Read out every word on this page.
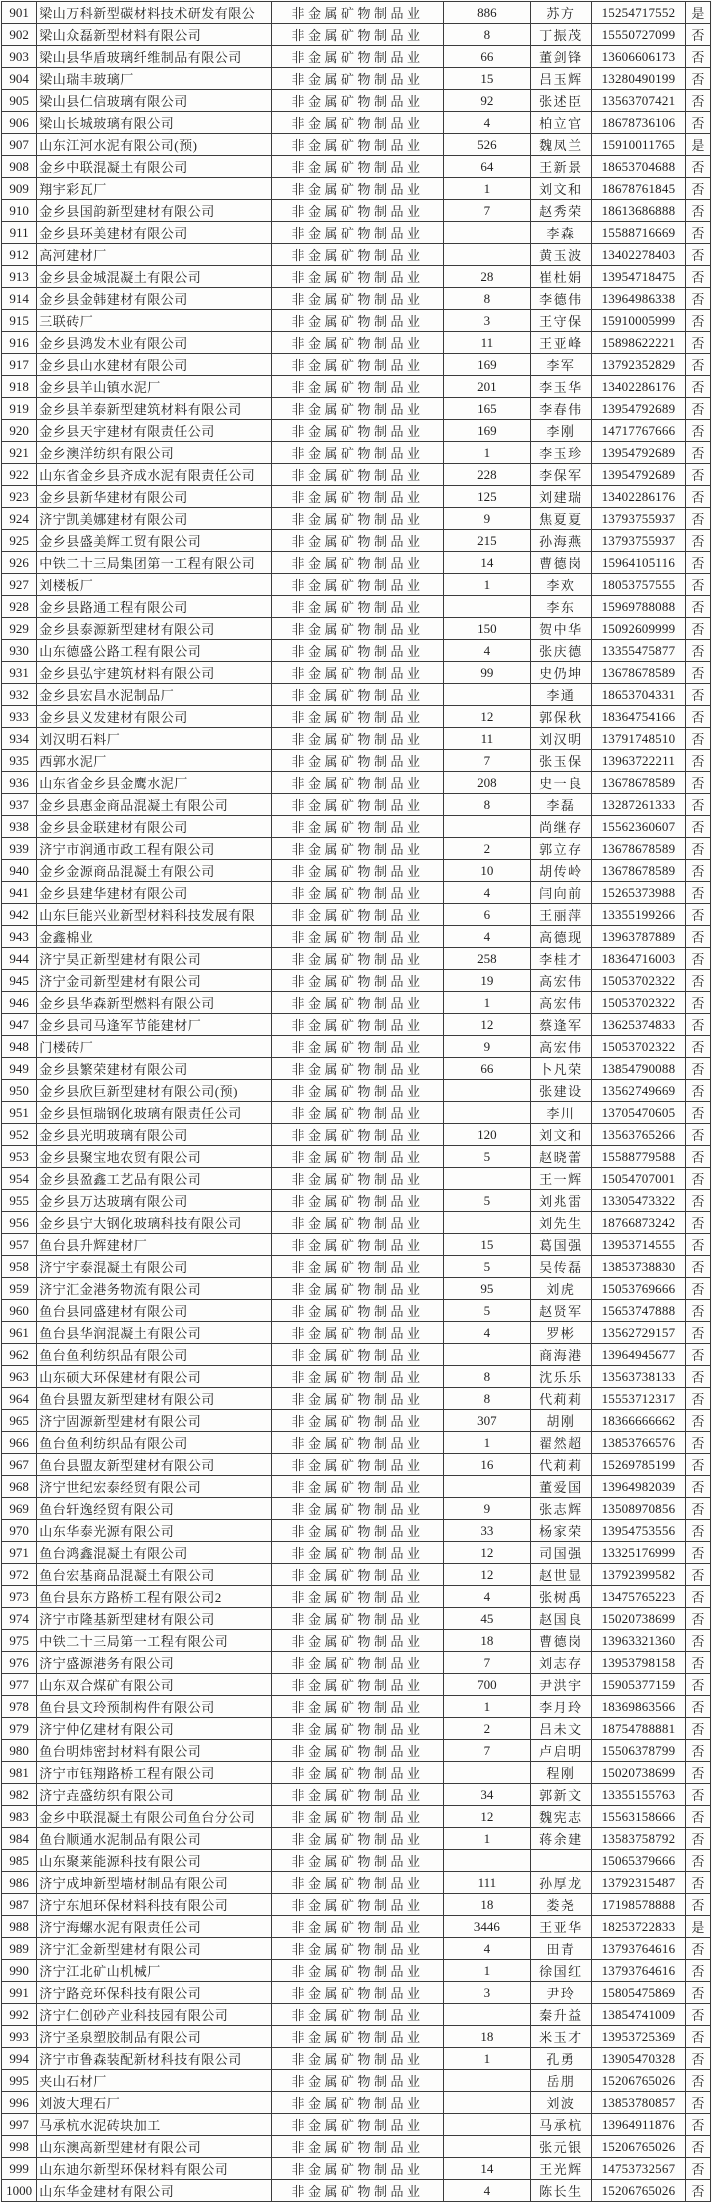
901	梁山万科新型碳材料技术研发有限公	非金属矿物制品业	886	苏方	15254717552	是
902	梁山众磊新型材料有限公司	非金属矿物制品业	8	丁振茂	15550727099	否
903	梁山县华盾玻璃纤维制品有限公司	非金属矿物制品业	66	董剑锋	13606606173	否
904	梁山瑞丰玻璃厂	非金属矿物制品业	15	吕玉辉	13280490199	否
905	梁山县仁信玻璃有限公司	非金属矿物制品业	92	张述臣	13563707421	否
906	梁山长城玻璃有限公司	非金属矿物制品业	4	柏立官	18678736106	否
907	山东江河水泥有限公司(预)	非金属矿物制品业	526	魏凤兰	15910011765	是
908	金乡中联混凝土有限公司	非金属矿物制品业	64	王新景	18653704688	否
909	翔宇彩瓦厂	非金属矿物制品业	1	刘文和	18678761845	否
910	金乡县国韵新型建材有限公司	非金属矿物制品业	7	赵秀荣	18613686888	否
911	金乡县环美建材有限公司	非金属矿物制品业		李森	15588716669	否
912	高河建材厂	非金属矿物制品业		黄玉波	13402278403	否
913	金乡县金城混凝土有限公司	非金属矿物制品业	28	崔杜娟	13954718475	否
914	金乡县金韩建材有限公司	非金属矿物制品业	8	李德伟	13964986338	否
915	三联砖厂	非金属矿物制品业	3	王守保	15910005999	否
916	金乡县鸿发木业有限公司	非金属矿物制品业	11	王亚峰	15898622221	否
917	金乡县山水建材有限公司	非金属矿物制品业	169	李军	13792352829	否
918	金乡县羊山镇水泥厂	非金属矿物制品业	201	李玉华	13402286176	否
919	金乡县羊泰新型建筑材料有限公司	非金属矿物制品业	165	李春伟	13954792689	否
920	金乡县天宇建材有限责任公司	非金属矿物制品业	169	李刚	14717767666	否
921	金乡澳洋纺织有限公司	非金属矿物制品业	1	李玉珍	13954792689	否
922	山东省金乡县齐成水泥有限责任公司	非金属矿物制品业	228	李保军	13954792689	否
923	金乡县新华建材有限公司	非金属矿物制品业	125	刘建瑞	13402286176	否
924	济宁凯美娜建材有限公司	非金属矿物制品业	9	焦夏夏	13793755937	否
925	金乡县盛美辉工贸有限公司	非金属矿物制品业	215	孙海燕	13793755937	否
926	中铁二十三局集团第一工程有限公司	非金属矿物制品业	14	曹德岗	15964105116	否
927	刘楼板厂	非金属矿物制品业	1	李欢	18053757555	否
928	金乡县路通工程有限公司	非金属矿物制品业		李东	15969788088	否
929	金乡县泰源新型建材有限公司	非金属矿物制品业	150	贺中华	15092609999	否
930	山东德盛公路工程有限公司	非金属矿物制品业	4	张庆德	13355475877	否
931	金乡县弘宇建筑材料有限公司	非金属矿物制品业	99	史仍坤	13678678589	否
932	金乡县宏昌水泥制品厂	非金属矿物制品业		李通	18653704331	否
933	金乡县义发建材有限公司	非金属矿物制品业	12	郭保秋	18364754166	否
934	刘汉明石料厂	非金属矿物制品业	11	刘汉明	13791748510	否
935	西郭水泥厂	非金属矿物制品业	7	张玉保	13963722211	否
936	山东省金乡县金鹰水泥厂	非金属矿物制品业	208	史一良	13678678589	否
937	金乡县惠金商品混凝土有限公司	非金属矿物制品业	8	李磊	13287261333	否
938	金乡县金联建材有限公司	非金属矿物制品业		尚继存	15562360607	否
939	济宁市润通市政工程有限公司	非金属矿物制品业	2	郭立存	13678678589	否
940	金乡金源商品混凝土有限公司	非金属矿物制品业	10	胡传岭	13678678589	否
941	金乡县建华建材有限公司	非金属矿物制品业	4	闫向前	15265373988	否
942	山东巨能兴业新型材料科技发展有限	非金属矿物制品业	6	王丽萍	13355199266	否
943	金鑫棉业	非金属矿物制品业	4	高德现	13963787889	否
944	济宁昊正新型建材有限公司	非金属矿物制品业	258	李桂才	18364716003	否
945	济宁金司新型建材有限公司	非金属矿物制品业	19	高宏伟	15053702322	否
946	金乡县华森新型燃料有限公司	非金属矿物制品业	1	高宏伟	15053702322	否
947	金乡县司马逢军节能建材厂	非金属矿物制品业	12	蔡逢军	13625374833	否
948	门楼砖厂	非金属矿物制品业	9	高宏伟	15053702322	否
949	金乡县繁荣建材有限公司	非金属矿物制品业	66	卜凡荣	13854790088	否
950	金乡县欣巨新型建材有限公司(预)	非金属矿物制品业		张建设	13562749669	否
951	金乡县恒瑞钢化玻璃有限责任公司	非金属矿物制品业		李川	13705470605	否
952	金乡县光明玻璃有限公司	非金属矿物制品业	120	刘文和	13563765266	否
953	金乡县聚宝地农贸有限公司	非金属矿物制品业	5	赵晓蕾	15588779588	否
954	金乡县盈鑫工艺品有限公司	非金属矿物制品业		王一辉	15054707001	否
955	金乡县万达玻璃有限公司	非金属矿物制品业	5	刘兆雷	13305473322	否
956	金乡县宁大钢化玻璃科技有限公司	非金属矿物制品业		刘先生	18766873242	否
957	鱼台县升辉建材厂	非金属矿物制品业	15	葛国强	13953714555	否
958	济宁宇泰混凝土有限公司	非金属矿物制品业	5	吴传磊	13853738830	否
959	济宁汇金港务物流有限公司	非金属矿物制品业	95	刘虎	15053769666	否
960	鱼台县同盛建材有限公司	非金属矿物制品业	5	赵贤军	15653747888	否
961	鱼台县华润混凝土有限公司	非金属矿物制品业	4	罗彬	13562729157	否
962	鱼台鱼利纺织品有限公司	非金属矿物制品业		商海港	13964945677	否
963	山东硕大环保建材有限公司	非金属矿物制品业	8	沈乐乐	13563738133	否
964	鱼台县盟友新型建材有限公司	非金属矿物制品业	8	代莉莉	15553712317	否
965	济宁固源新型建材有限公司	非金属矿物制品业	307	胡刚	18366666662	否
966	鱼台鱼利纺织品有限公司	非金属矿物制品业	1	翟然超	13853766576	否
967	鱼台县盟友新型建材有限公司	非金属矿物制品业	16	代莉莉	15269785199	否
968	济宁世纪宏泰经贸有限公司	非金属矿物制品业		董爱国	13964982039	否
969	鱼台轩逸经贸有限公司	非金属矿物制品业	9	张志辉	13508970856	否
970	山东华泰光源有限公司	非金属矿物制品业	33	杨家荣	13954753556	否
971	鱼台鸿鑫混凝土有限公司	非金属矿物制品业	12	司国强	13325176999	否
972	鱼台宏基商品混凝土有限公司	非金属矿物制品业	12	赵世显	13792399582	否
973	鱼台县东方路桥工程有限公司2	非金属矿物制品业	4	张树禹	13475765223	否
974	济宁市隆基新型建材有限公司	非金属矿物制品业	45	赵国良	15020738699	否
975	中铁二十三局第一工程有限公司	非金属矿物制品业	18	曹德岗	13963321360	否
976	济宁盛源港务有限公司	非金属矿物制品业	7	刘志存	13953798158	否
977	山东双合煤矿有限公司	非金属矿物制品业	700	尹洪宇	15905377159	否
978	鱼台县文玲预制构件有限公司	非金属矿物制品业	1	李月玲	18369863566	否
979	济宁仲亿建材有限公司	非金属矿物制品业	2	吕未文	18754788881	否
980	鱼台明炜密封材料有限公司	非金属矿物制品业	7	卢启明	15506378799	否
981	济宁市钰翔路桥工程有限公司	非金属矿物制品业		程刚	15020738699	否
982	济宁垚盛纺织有限公司	非金属矿物制品业	34	郭新文	13355155763	否
983	金乡中联混凝土有限公司鱼台分公司	非金属矿物制品业	12	魏宪志	15563158666	否
984	鱼台顺通水泥制品有限公司	非金属矿物制品业	1	蒋余建	13583758792	否
985	山东聚莱能源科技有限公司	非金属矿物制品业			15065379666	否
986	济宁成坤新型墙材制品有限公司	非金属矿物制品业	111	孙厚龙	13792315487	否
987	济宁东旭环保材料科技有限公司	非金属矿物制品业	18	娄尧	17198578888	否
988	济宁海螺水泥有限责任公司	非金属矿物制品业	3446	王亚华	18253722833	是
989	济宁汇金新型建材有限公司	非金属矿物制品业	4	田青	13793764616	否
990	济宁江北矿山机械厂	非金属矿物制品业	1	徐国红	13793764616	否
991	济宁路竞环保科技有限公司	非金属矿物制品业	3	尹玲	15805475869	否
992	济宁仁创砂产业科技园有限公司	非金属矿物制品业		秦升益	13854741009	否
993	济宁圣泉塑胶制品有限公司	非金属矿物制品业	18	米玉才	13953725369	否
994	济宁市鲁森装配新材科技有限公司	非金属矿物制品业	1	孔勇	13905470328	否
995	夹山石材厂	非金属矿物制品业		岳朋	15206765026	否
996	刘波大理石厂	非金属矿物制品业		刘波	13853780857	否
997	马承杭水泥砖块加工	非金属矿物制品业		马承杭	13964911876	否
998	山东澳高新型建材有限公司	非金属矿物制品业		张元银	15206765026	否
999	山东迪尔新型环保材料有限公司	非金属矿物制品业	14	王光辉	14753732567	否
1000	山东华金建材有限公司	非金属矿物制品业	4	陈长生	15206765026	否
